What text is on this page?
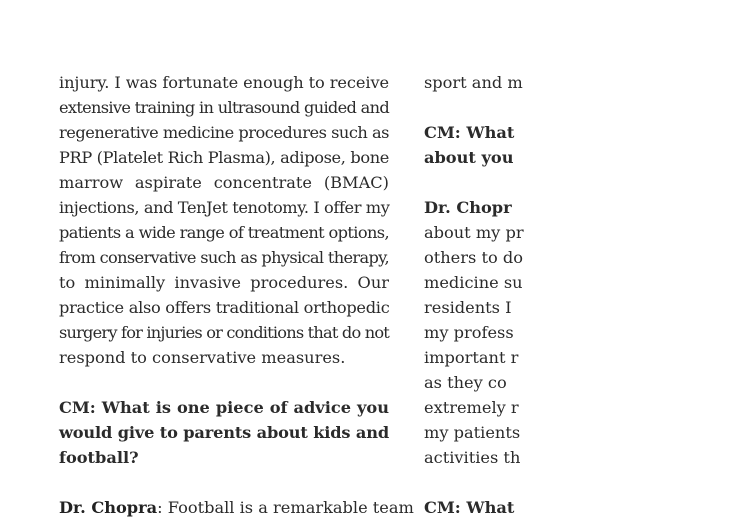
injury. I was fortunate enough to receive
extensive training in ultrasound guided and
regenerative medicine procedures such as
PRP (Platelet Rich Plasma), adipose, bone
marrow aspirate concentrate (BMAC)
injections, and TenJet tenotomy. I offer my
patients a wide range of treatment options,
from conservative such as physical therapy,
to minimally invasive procedures. Our
practice also offers traditional orthopedic
surgery for injuries or conditions that do not
respond to conservative measures.
CM: What is one piece of advice you
would give to parents about kids and
football?
Dr. Chopra: Football is a remarkable team
sport and m
CM: What
about you
Dr. Chopr
about my pr
others to do
medicine su
residents I
my profess
important r
as they co
extremely r
my patients
activities th
CM: What
